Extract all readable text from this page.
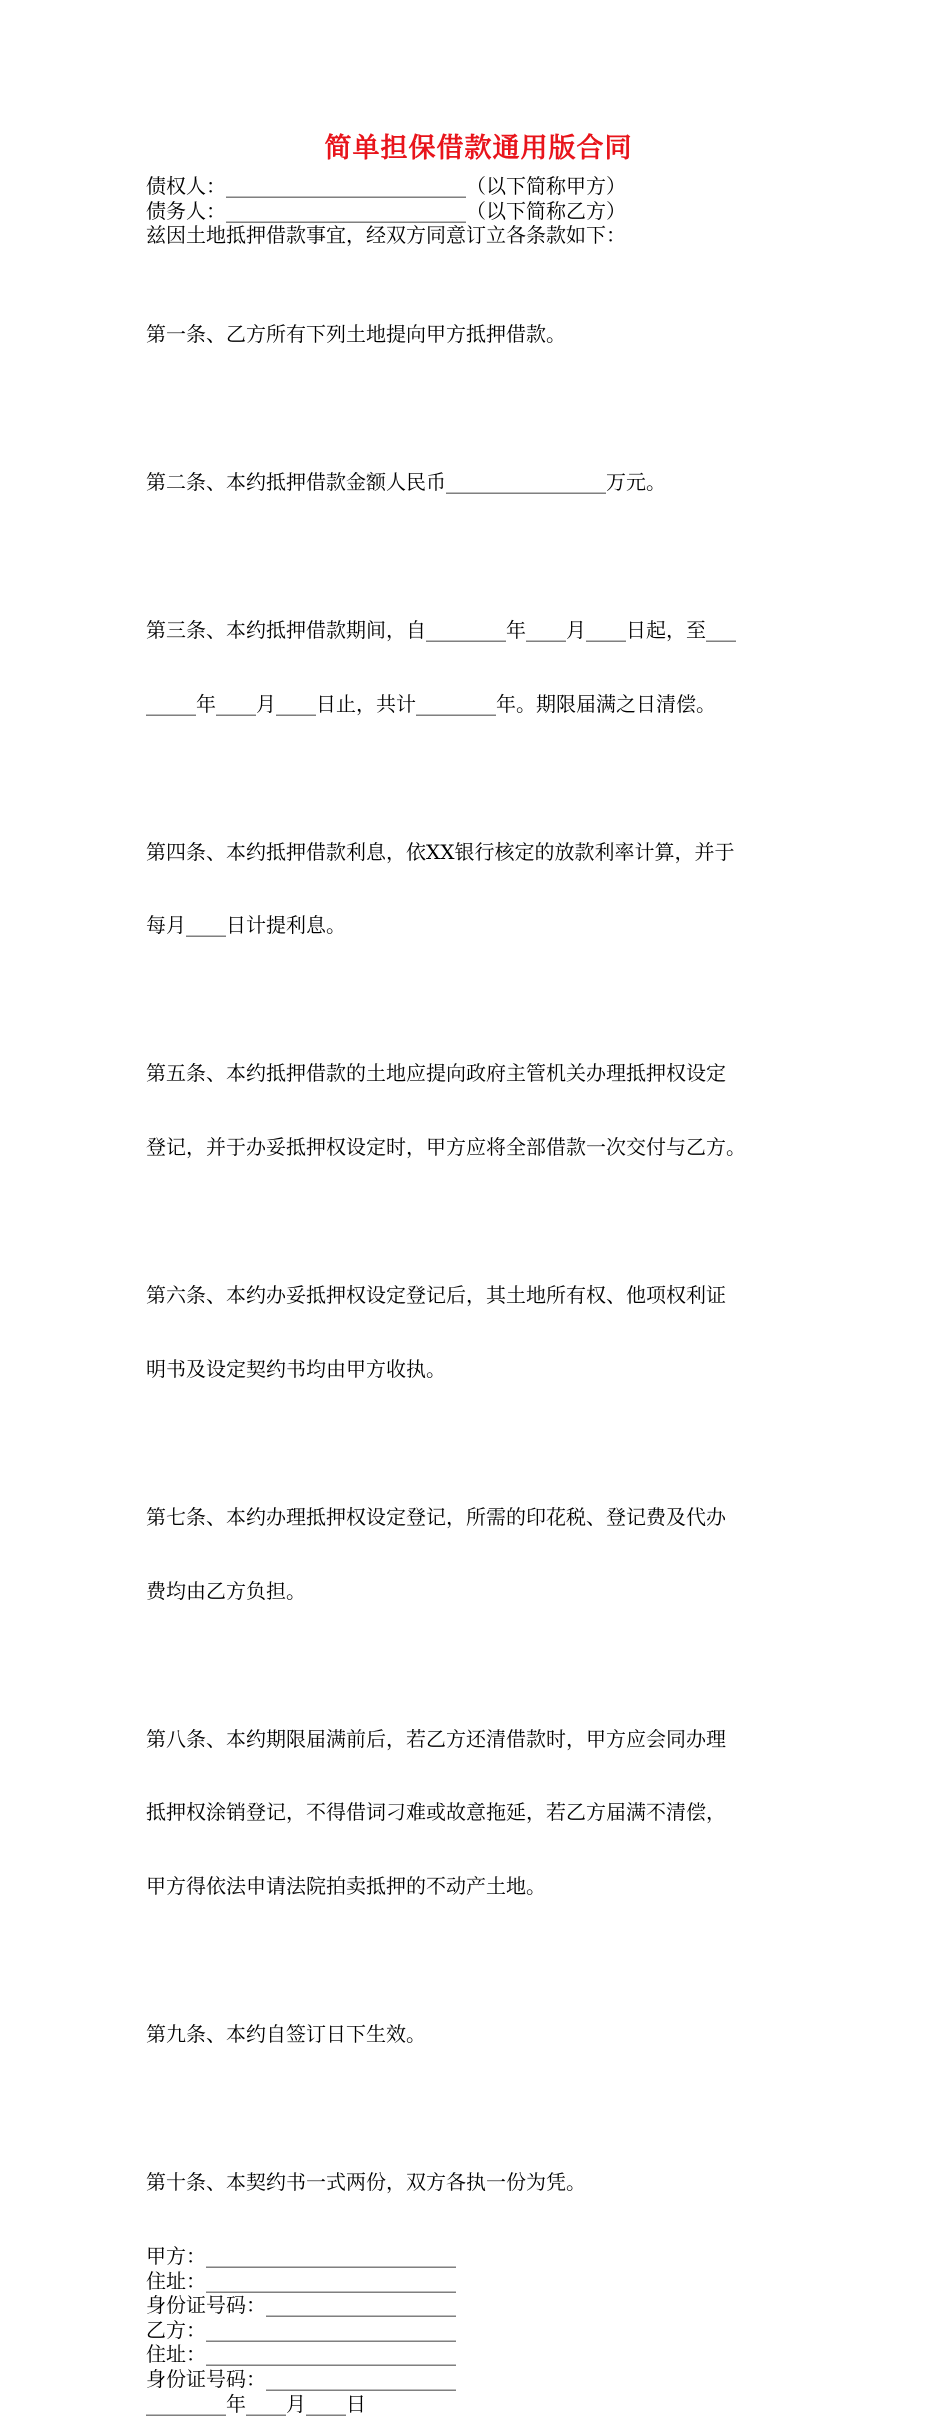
简单担保借款通用版合同
债权人：________________________（以下简称甲方）
债务人：________________________（以下简称乙方）
兹因土地抵押借款事宜，经双方同意订立各条款如下：

第一条、乙方所有下列土地提向甲方抵押借款。

第二条、本约抵押借款金额人民币________________万元。

第三条、本约抵押借款期间，自________年____月____日起，至___

_____年____月____日止，共计________年。期限届满之日清偿。

第四条、本约抵押借款利息，依XX银行核定的放款利率计算，并于

每月____日计提利息。

第五条、本约抵押借款的土地应提向政府主管机关办理抵押权设定

登记，并于办妥抵押权设定时，甲方应将全部借款一次交付与乙方。

第六条、本约办妥抵押权设定登记后，其土地所有权、他项权利证

明书及设定契约书均由甲方收执。

第七条、本约办理抵押权设定登记，所需的印花税、登记费及代办

费均由乙方负担。

第八条、本约期限届满前后，若乙方还清借款时，甲方应会同办理

抵押权涂销登记，不得借词刁难或故意拖延，若乙方届满不清偿，

甲方得依法申请法院拍卖抵押的不动产土地。

第九条、本约自签订日下生效。

第十条、本契约书一式两份，双方各执一份为凭。

甲方：_________________________
住址：_________________________
身份证号码：___________________
乙方：_________________________
住址：_________________________
身份证号码：___________________
________年____月____日
